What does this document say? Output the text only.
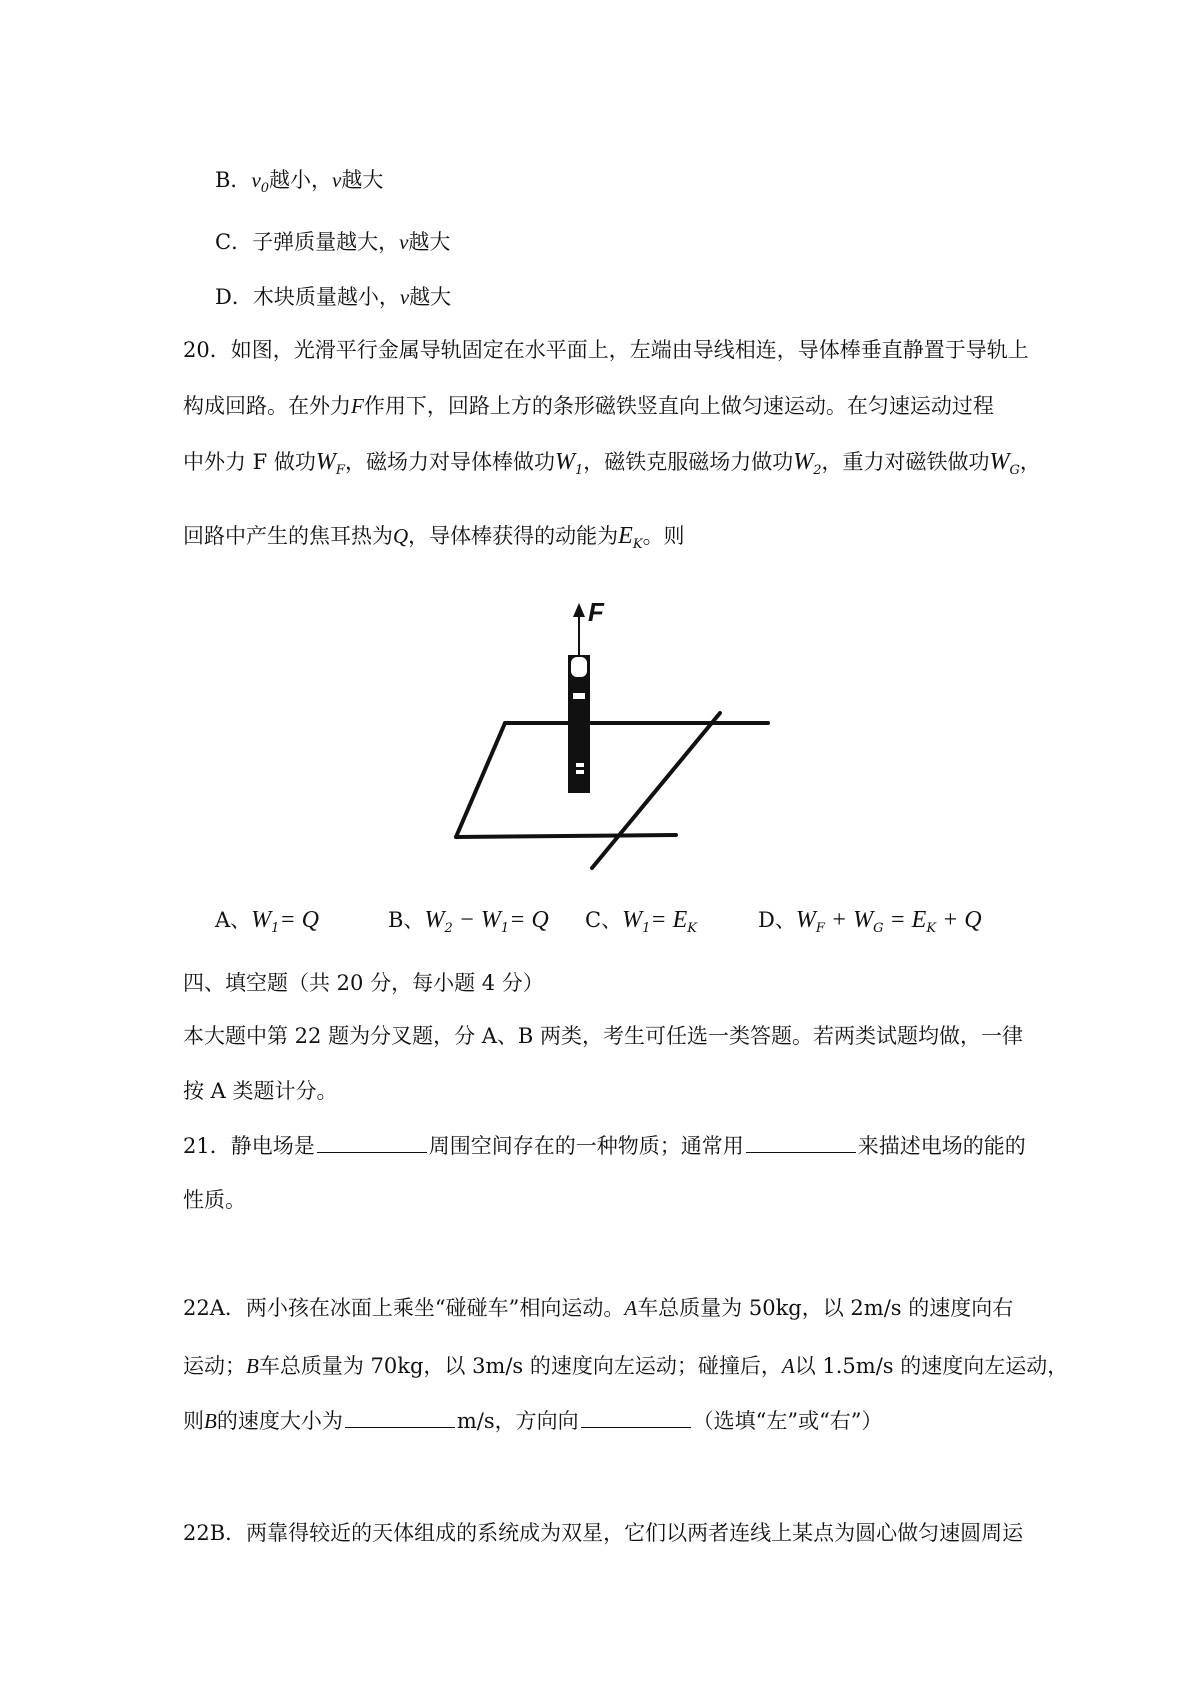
B．$v_0$越小，v越大
C．子弹质量越大，v越大
D．木块质量越小，v越大
20．如图，光滑平行金属导轨固定在水平面上，左端由导线相连，导体棒垂直静置于导轨上
构成回路。在外力F作用下，回路上方的条形磁铁竖直向上做匀速运动。在匀速运动过程
中外力 F 做功$W_F$，磁场力对导体棒做功$W_1$，磁铁克服磁场力做功$W_2$，重力对磁铁做功$W_G$，
回路中产生的焦耳热为Q，导体棒获得的动能为$E_K$。则
F
A、$W_1= Q$	B、$W_2 - W_1= Q$ C、$W_1= E_K$	D、$W_F + W_G = E_K + Q$
四、填空题（共 20 分，每小题 4 分）
本大题中第 22 题为分叉题，分 A、B 两类，考生可任选一类答题。若两类试题均做，一律
按 A 类题计分。
21．静电场是	周围空间存在的一种物质；通常用	来描述电场的能的
性质。
22A．两小孩在冰面上乘坐“碰碰车”相向运动。A车总质量为 50kg，以 2m/s 的速度向右
运动；B车总质量为 70kg，以 3m/s 的速度向左运动；碰撞后，A以 1.5m/s 的速度向左运动，
则B的速度大小为	m/s，方向向	（选填“左”或“右”）
22B．两靠得较近的天体组成的系统成为双星，它们以两者连线上某点为圆心做匀速圆周运
